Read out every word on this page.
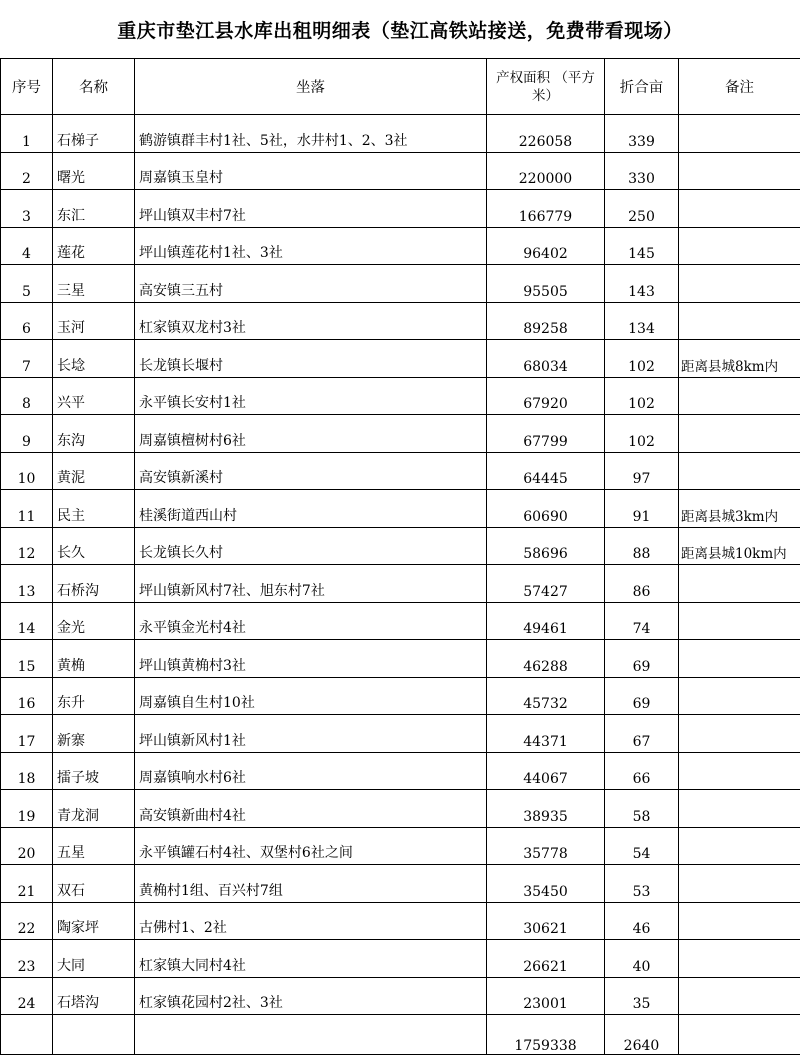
重庆市垫江县水库出租明细表（垫江高铁站接送，免费带看现场）
序号	名称	坐落	产权面积 （平方米）	折合亩	备注
1	石梯子	鹤游镇群丰村1社、5社，水井村1、2、3社	226058	339	
2	曙光	周嘉镇玉皇村	220000	330	
3	东汇	坪山镇双丰村7社	166779	250	
4	莲花	坪山镇莲花村1社、3社	96402	145	
5	三星	高安镇三五村	95505	143	
6	玉河	杠家镇双龙村3社	89258	134	
7	长埝	长龙镇长堰村	68034	102	距离县城8km内
8	兴平	永平镇长安村1社	67920	102	
9	东沟	周嘉镇檀树村6社	67799	102	
10	黄泥	高安镇新溪村	64445	97	
11	民主	桂溪街道西山村	60690	91	距离县城3km内
12	长久	长龙镇长久村	58696	88	距离县城10km内
13	石桥沟	坪山镇新风村7社、旭东村7社	57427	86	
14	金光	永平镇金光村4社	49461	74	
15	黄桷	坪山镇黄桷村3社	46288	69	
16	东升	周嘉镇自生村10社	45732	69	
17	新寨	坪山镇新风村1社	44371	67	
18	擂子坡	周嘉镇响水村6社	44067	66	
19	青龙洞	高安镇新曲村4社	38935	58	
20	五星	永平镇罐石村4社、双堡村6社之间	35778	54	
21	双石	黄桷村1组、百兴村7组	35450	53	
22	陶家坪	古佛村1、2社	30621	46	
23	大同	杠家镇大同村4社	26621	40	
24	石塔沟	杠家镇花园村2社、3社	23001	35	
			1759338	2640	
